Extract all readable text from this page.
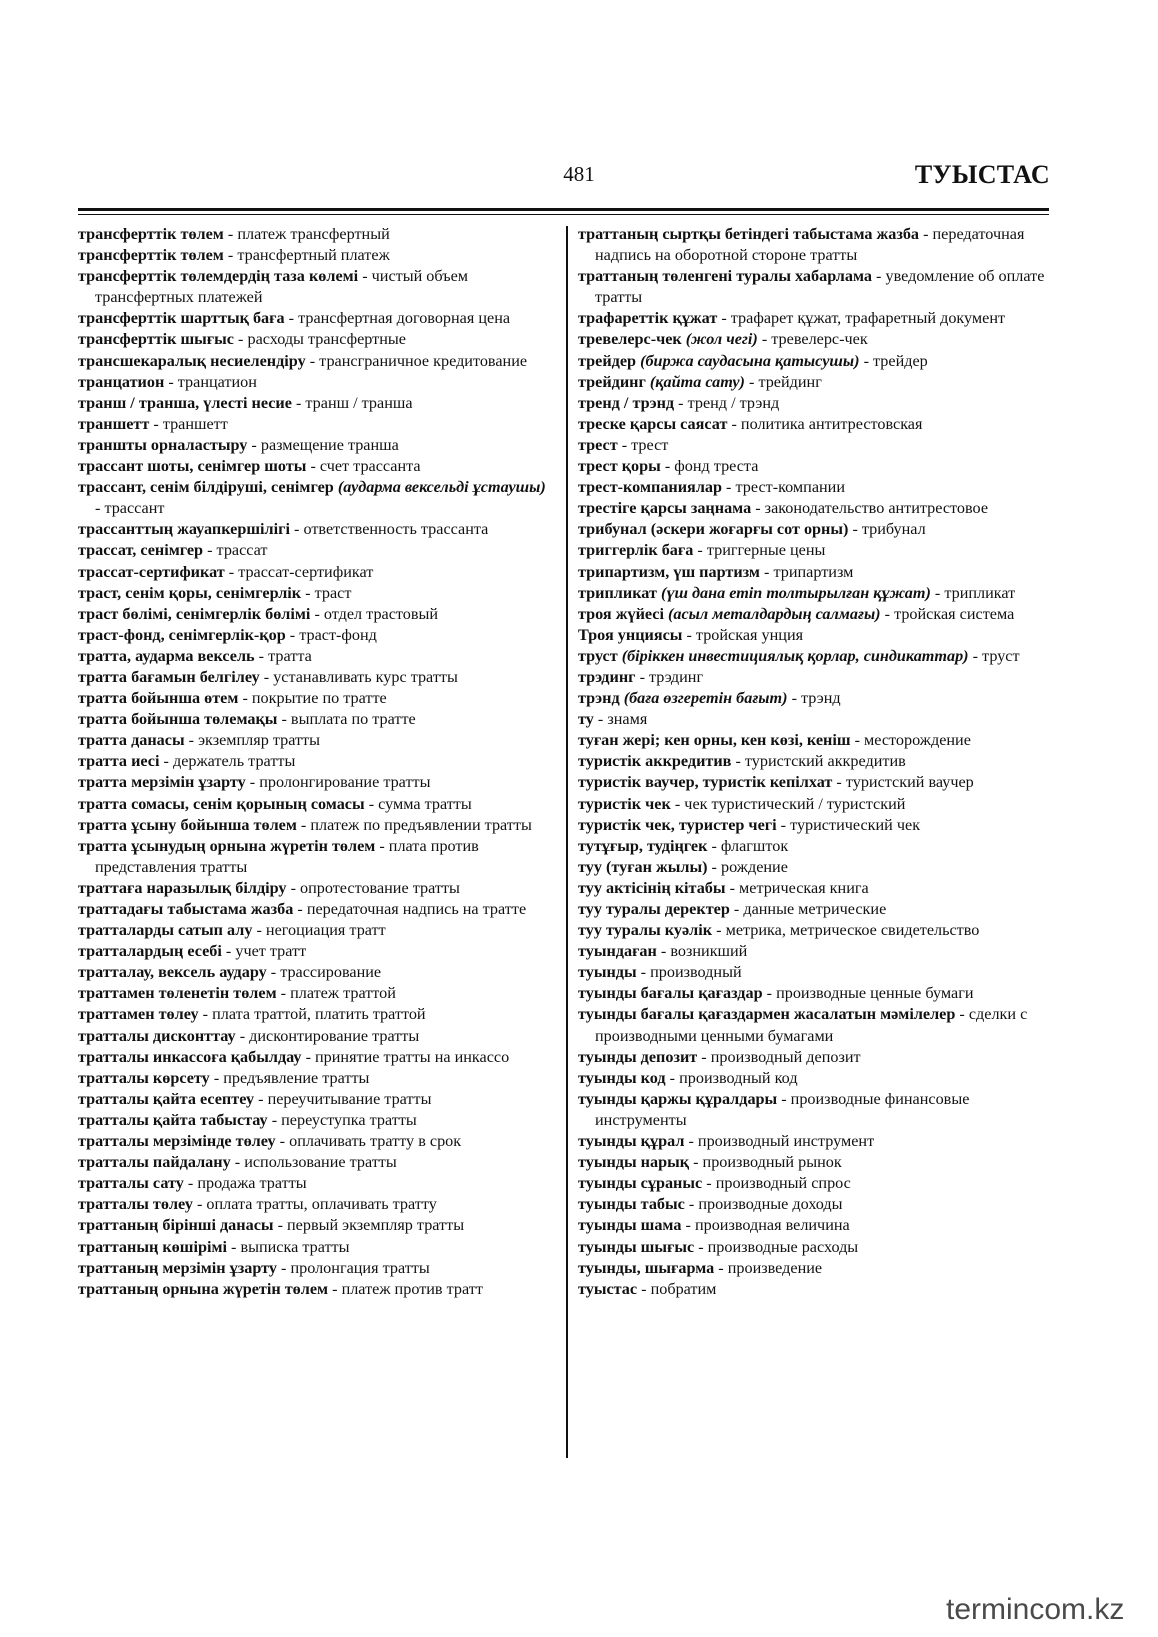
481	ТУЫСТАС

трансферттік төлем - платеж трансфертный

трансферттік төлем - трансфертный платеж

трансферттік төлемдердің таза көлемі - чистый объем трансфертных платежей

трансферттік шарттық баға - трансфертная договорная цена

трансферттік шығыс - расходы трансфертные

трансшекаралық несиелендіру - трансграничное кредитование

транцатион - транцатион

транш / транша, үлесті несие - транш / транша

траншетт - траншетт

траншты орналастыру - размещение транша

трассант шоты, сенімгер шоты - счет трассанта

трассант, сенім білдіруші, сенімгер (аударма вексельді ұстаушы) - трассант

трассанттың жауапкершілігі - ответственность трассанта

трассат, сенімгер - трассат

трассат-сертификат - трассат-сертификат

траст, сенім қоры, сенімгерлік - траст

траст бөлімі, сенімгерлік бөлімі - отдел трастовый

траст-фонд, сенімгерлік-қор - траст-фонд

тратта, аударма вексель - тратта

тратта бағамын белгілеу - устанавливать курс тратты

тратта бойынша өтем - покрытие по тратте

тратта бойынша төлемақы - выплата по тратте

тратта данасы - экземпляр тратты

тратта иесі - держатель тратты

тратта мерзімін ұзарту - пролонгирование тратты

тратта сомасы, сенім қорының сомасы - сумма тратты

тратта ұсыну бойынша төлем - платеж по предъявлении тратты

тратта ұсынудың орнына жүретін төлем - плата против представления тратты

траттаға наразылық білдіру - опротестование тратты

траттадағы табыстама жазба - передаточная надпись на тратте

тратталарды сатып алу - негоциация тратт

тратталардың есебі - учет тратт

тратталау, вексель аудару - трассирование

траттамен төленетін төлем - платеж траттой

траттамен төлеу - плата траттой, платить траттой

тратталы дисконттау - дисконтирование тратты

тратталы инкассоға қабылдау - принятие тратты на инкассо

тратталы көрсету - предъявление тратты

тратталы қайта есептеу - переучитывание тратты

тратталы қайта табыстау - переуступка тратты

тратталы мерзімінде төлеу - оплачивать тратту в срок

тратталы пайдалану - использование тратты

тратталы сату - продажа тратты

тратталы төлеу - оплата тратты, оплачивать тратту

траттаның бірінші данасы - первый экземпляр тратты

траттаның көшірімі - выписка тратты

траттаның мерзімін ұзарту - пролонгация тратты

траттаның орнына жүретін төлем - платеж против тратт

траттаның сыртқы бетіндегі табыстама жазба - передаточная надпись на оборотной стороне тратты

траттаның төленгені туралы хабарлама - уведомление об оплате тратты

трафареттік құжат - трафарет құжат, трафаретный документ

тревелерс-чек (жол чегі) - тревелерс-чек

трейдер (биржа саудасына қатысушы) - трейдер

трейдинг (қайта сату) - трейдинг

тренд / трэнд - тренд / трэнд

треске қарсы саясат - политика антитрестовская

трест - трест

трест қоры - фонд треста

трест-компаниялар - трест-компании

трестіге қарсы заңнама - законодательство антитрестовое

трибунал (әскери жоғарғы сот орны) - трибунал

триггерлік баға - триггерные цены

трипартизм, үш партизм - трипартизм

трипликат (үш дана етіп толтырылған құжат) - трипликат

троя жүйесі (асыл металдардың салмағы) - тройская система

Троя унциясы - тройская унция

труст (біріккен инвестициялық қорлар, синдикаттар) - труст

трэдинг - трэдинг

трэнд (баға өзгеретін бағыт) - трэнд

ту - знамя

туған жері; кен орны, кен көзі, кеніш - месторождение

туристік аккредитив - туристский аккредитив

туристік ваучер, туристік кепілхат - туристский ваучер

туристік чек - чек туристический / туристский

туристік чек, туристер чегі - туристический чек

тутұғыр, тудіңгек - флагшток

туу (туған жылы) - рождение

туу актісінің кітабы - метрическая книга

туу туралы деректер - данные метрические

туу туралы куәлік - метрика, метрическое свидетельство

туындаған - возникший

туынды - производный

туынды бағалы қағаздар - производные ценные бумаги

туынды бағалы қағаздармен жасалатын мәмілелер - сделки с производными ценными бумагами

туынды депозит - производный депозит

туынды код - производный код

туынды қаржы құралдары - производные финансовые инструменты

туынды құрал - производный инструмент

туынды нарық - производный рынок

туынды сұраныс - производный спрос

туынды табыс - производные доходы

туынды шама - производная величина

туынды шығыс - производные расходы

туынды, шығарма - произведение

туыстас - побратим

termincom.kz
